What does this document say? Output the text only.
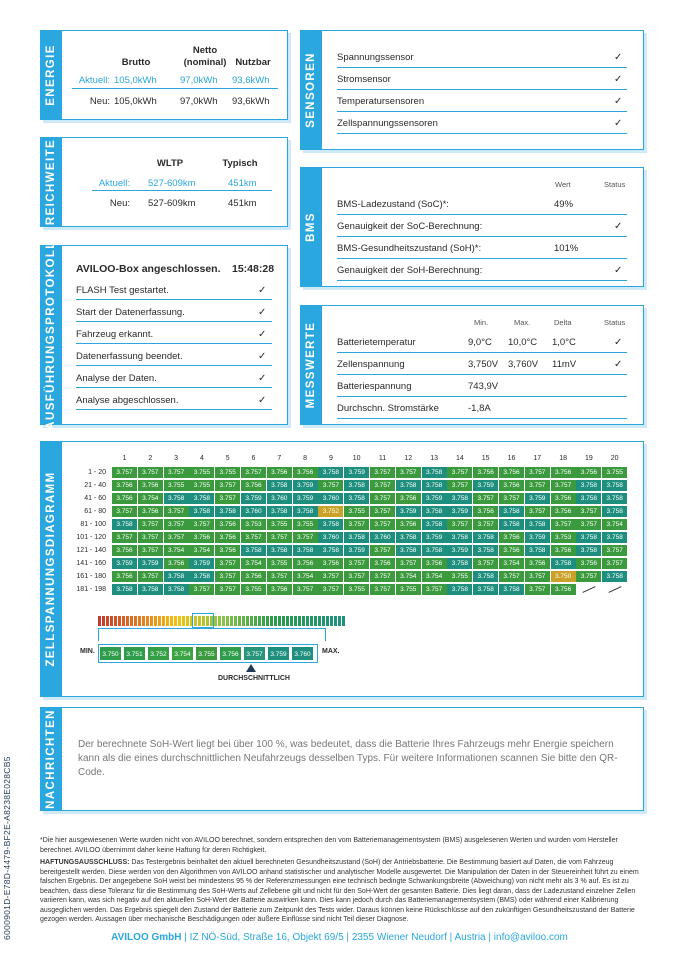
6000901D-E78D-4479-BF2E-A8238E028CB5
ENERGIE	Brutto
Netto
(nominal) Nutzbar
Aktuell: 105,0kWh 97,0kWh 93,6kWh
Neu: 105,0kWh 97,0kWh 93,6kWh
REICHWEITE	WLTP	Typisch
Aktuell: 527-609km	451km
Neu: 527-609km	451km
AUSFÜHRUNGSPROTOKOLL AVILOO-Box angeschlossen. 15:48:28
FLASH Test gestartet.	✓
Start der Datenerfassung.	✓
Fahrzeug erkannt.	✓
Datenerfassung beendet.	✓
Analyse der Daten.	✓
Analyse abgeschlossen.	✓
SENSOREN Spannungssensor	✓
Stromsensor	✓
Temperatursensoren	✓
Zellspannungssensoren	✓
BMS
Wert	Status
BMS-Ladezustand (SoC)*:	49%
Genauigkeit der SoC-Berechnung:	✓
BMS-Gesundheitszustand (SoH)*:	101%
Genauigkeit der SoH-Berechnung:	✓
MESSWERTE	Min.	Max.	Delta	Status
Batterietemperatur	9,0°C 10,0°C 1,0°C	✓
Zellenspannung	3,750V 3,760V 11mV	✓
Batteriespannung	743,9V
Durchschn. Stromstärke	-1,8A
ZELLSPANNUNGSDIAGRAMM
1	2	3	4	5	6	7	8	9	10	11	12	13	14	15	16	17	18	19	20
1 - 20	3.757	3.757	3.757	3.755	3.755	3.757	3.756	3.756	3.758	3.759	3.757	3.757	3.758	3.757	3.756	3.756	3.757	3.756	3.756	3.755
21 - 40	3.756	3.756	3.755	3.755	3.757	3.756	3.758	3.759	3.757	3.758	3.757	3.758	3.758	3.757	3.759	3.756	3.757	3.757	3.758	3.758
41 - 60	3.756	3.754	3.758	3.758	3.757	3.759	3.760	3.759	3.760	3.758	3.757	3.756	3.759	3.758	3.757	3.757	3.759	3.756	3.758	3.758
61 - 80	3.757	3.756	3.757	3.758	3.758	3.760	3.758	3.758	3.752	3.755	3.757	3.759	3.758	3.759	3.756	3.758	3.757	3.756	3.757	3.758
81 - 100	3.758	3.757	3.757	3.757	3.756	3.753	3.755	3.755	3.758	3.757	3.757	3.756	3.758	3.757	3.757	3.758	3.758	3.757	3.757	3.754
101 - 120	3.757	3.757	3.757	3.756	3.756	3.757	3.757	3.757	3.760	3.758	3.760	3.758	3.759	3.758	3.758	3.756	3.759	3.753	3.758	3.758
121 - 140	3.756	3.757	3.754	3.754	3.756	3.758	3.758	3.758	3.758	3.759	3.757	3.758	3.758	3.759	3.758	3.756	3.758	3.756	3.758	3.757
141 - 160	3.759	3.759	3.756	3.759	3.757	3.754	3.755	3.756	3.756	3.757	3.756	3.757	3.756	3.758	3.757	3.754	3.756	3.758	3.756	3.757
161 - 180	3.756	3.757	3.758	3.758	3.757	3.756	3.757	3.754	3.757	3.757	3.757	3.754	3.754	3.755	3.758	3.757	3.757	3.750	3.757	3.758
181 - 198	3.758	3.758	3.758	3.757	3.757	3.755	3.756	3.757	3.757	3.755	3.757	3.755	3.757	3.758	3.758	3.758	3.757	3.756
MIN.	3.750	3.751	3.752	3.754	3.755	3.756	3.757	3.759	3.760	MAX.
DURCHSCHNITTLICH
NACHRICHTEN Der berechnete SoH-Wert liegt bei über 100 %, was bedeutet, dass die Batterie Ihres Fahrzeugs mehr Energie speichern kann als die eines durchschnittlichen Neufahrzeugs desselben Typs. Für weitere Informationen scannen Sie bitte den QR-Code.
*Die hier ausgewiesenen Werte wurden nicht von AVILOO berechnet, sondern entsprechen den vom Batteriemanagementsystem (BMS) ausgelesenen Werten und wurden vom Hersteller berechnet. AVILOO übernimmt daher keine Haftung für deren Richtigkeit.
HAFTUNGSAUSSCHLUSS: Das Testergebnis beinhaltet den aktuell berechneten Gesundheitszustand (SoH) der Antriebsbatterie. Die Bestimmung basiert auf Daten, die vom Fahrzeug bereitgestellt werden. Diese werden von den Algorithmen von AVILOO anhand statistischer und analytischer Modelle ausgewertet. Die Manipulation der Daten in der Steuereinheit führt zu einem falschen Ergebnis. Der angegebene SoH weist bei mindestens 95 % der Referenzmessungen eine technisch bedingte Schwankungsbreite (Abweichung) von nicht mehr als 3 % auf. Es ist zu beachten, dass diese Toleranz für die Bestimmung des SoH-Werts auf Zellebene gilt und nicht für den SoH-Wert der gesamten Batterie. Dies liegt daran, dass der Ladezustand einzelner Zellen variieren kann, was sich negativ auf den aktuellen SoH-Wert der Batterie auswirken kann. Dies kann jedoch durch das Batteriemanagementsystem (BMS) oder während einer Kalibrierung ausgeglichen werden. Das Ergebnis spiegelt den Zustand der Batterie zum Zeitpunkt des Tests wider. Daraus können keine Rückschlüsse auf den zukünftigen Gesundheitszustand der Batterie gezogen werden. Aussagen über mechanische Beschädigungen oder äußere Einflüsse sind nicht Teil dieser Diagnose.
AVILOO GmbH | IZ NÖ-Süd, Straße 16, Objekt 69/5 | 2355 Wiener Neudorf | Austria | info@aviloo.com
